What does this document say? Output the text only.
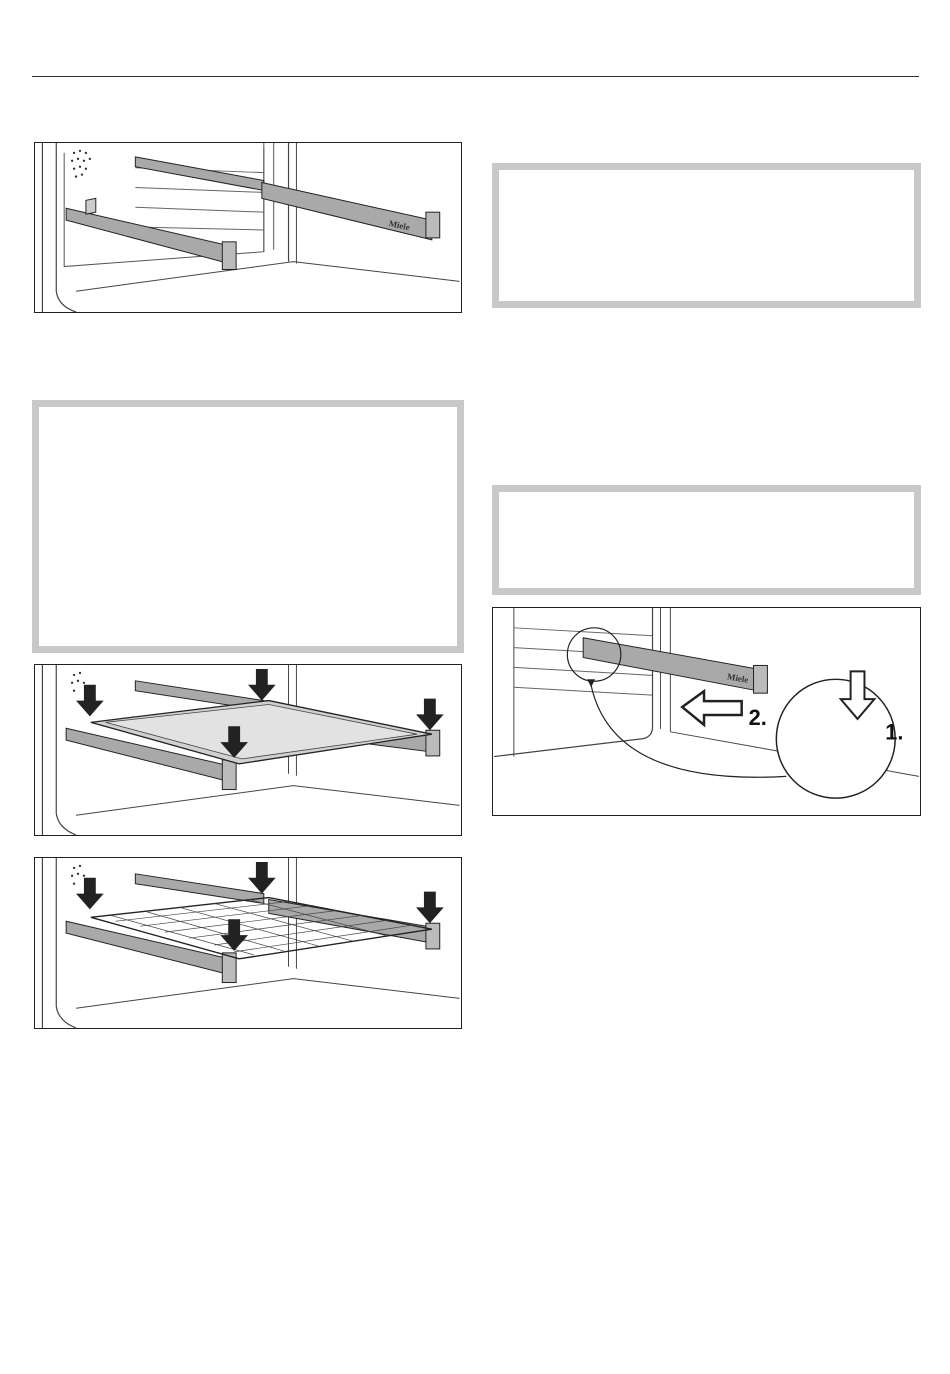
Miele
Miele
2.
1.
